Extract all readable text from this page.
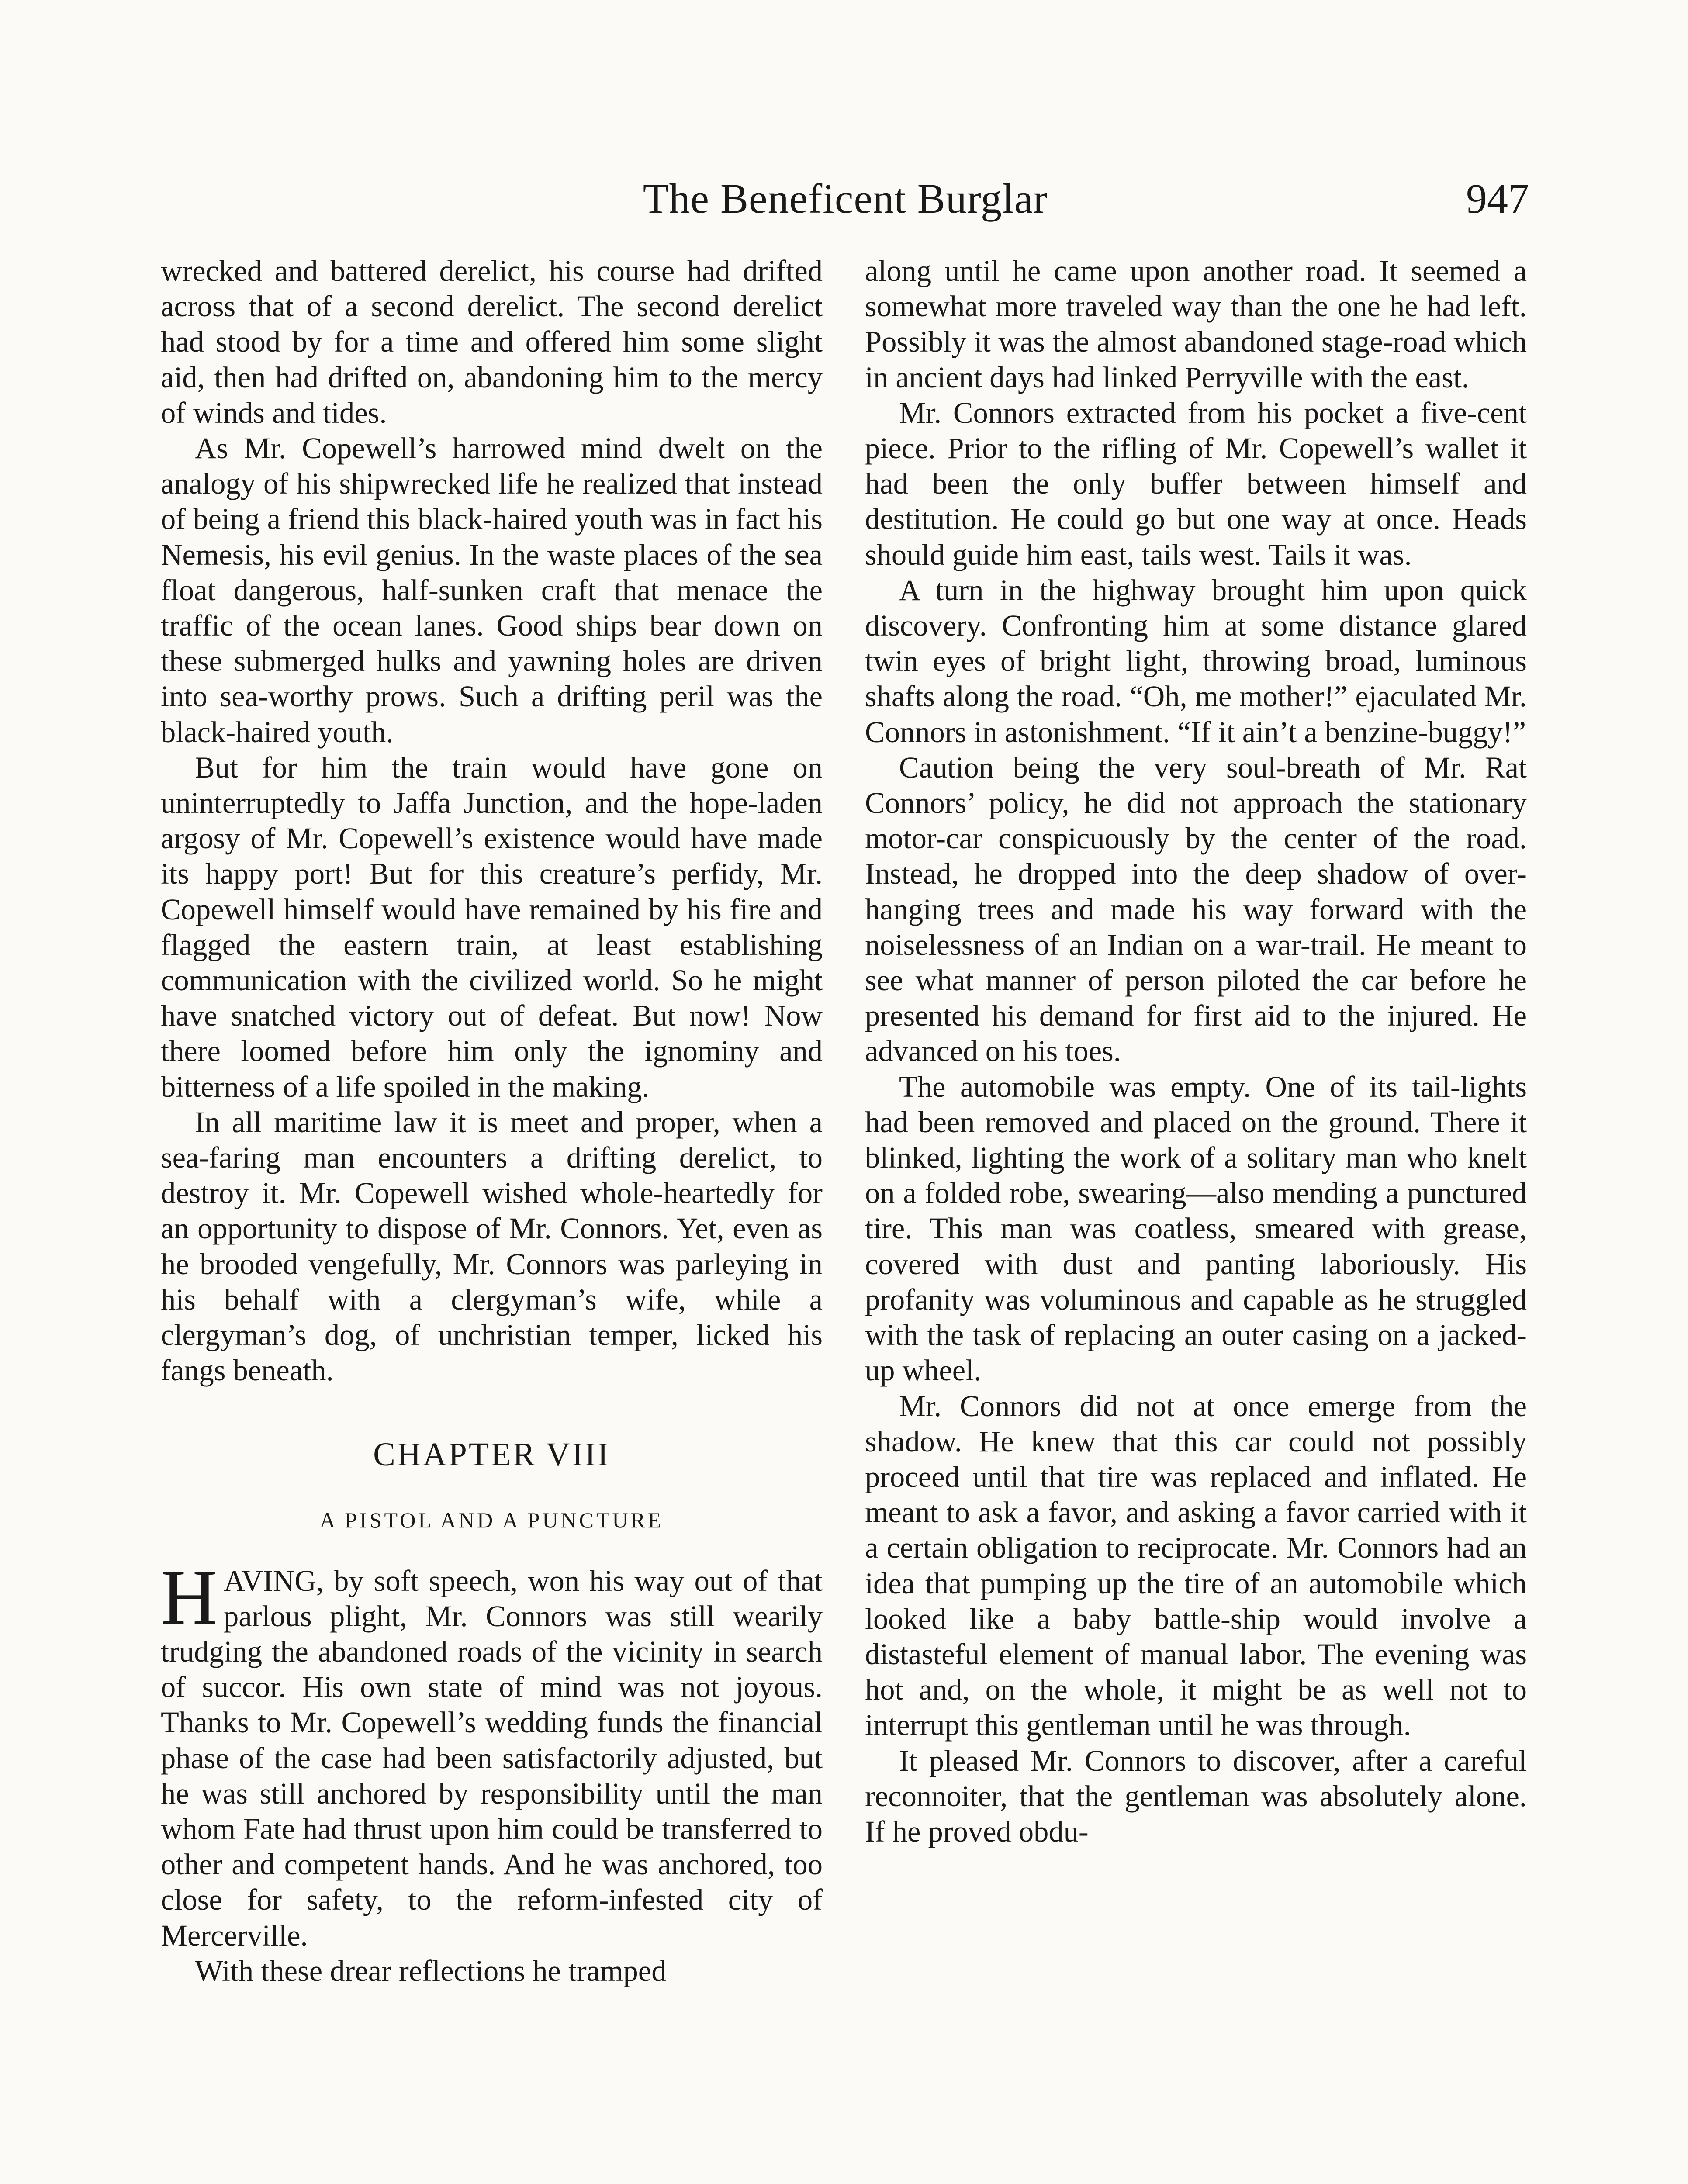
The Beneficent Burglar	947

wrecked and battered derelict, his course had drifted across that of a second derelict. The second derelict had stood by for a time and offered him some slight aid, then had drifted on, abandoning him to the mercy of winds and tides.

As Mr. Copewell’s harrowed mind dwelt on the analogy of his shipwrecked life he realized that instead of being a friend this black-haired youth was in fact his Nemesis, his evil genius. In the waste places of the sea float dangerous, half-sunken craft that menace the traffic of the ocean lanes. Good ships bear down on these submerged hulks and yawning holes are driven into sea-worthy prows. Such a drifting peril was the black-haired youth.

But for him the train would have gone on uninterruptedly to Jaffa Junction, and the hope-laden argosy of Mr. Copewell’s existence would have made its happy port! But for this creature’s perfidy, Mr. Copewell himself would have remained by his fire and flagged the eastern train, at least establishing communication with the civilized world. So he might have snatched victory out of defeat. But now! Now there loomed before him only the ignominy and bitterness of a life spoiled in the making.

In all maritime law it is meet and proper, when a sea-faring man encounters a drifting derelict, to destroy it. Mr. Copewell wished whole-heartedly for an opportunity to dispose of Mr. Connors. Yet, even as he brooded vengefully, Mr. Connors was parleying in his behalf with a clergyman’s wife, while a clergyman’s dog, of unchristian temper, licked his fangs beneath.

CHAPTER VIII
A PISTOL AND A PUNCTURE

HAVING, by soft speech, won his way out of that parlous plight, Mr. Connors was still wearily trudging the abandoned roads of the vicinity in search of succor. His own state of mind was not joyous. Thanks to Mr. Copewell’s wedding funds the financial phase of the case had been satisfactorily adjusted, but he was still anchored by responsibility until the man whom Fate had thrust upon him could be transferred to other and competent hands. And he was anchored, too close for safety, to the reform-infested city of Mercerville.

With these drear reflections he tramped

along until he came upon another road. It seemed a somewhat more traveled way than the one he had left. Possibly it was the almost abandoned stage-road which in ancient days had linked Perryville with the east.

Mr. Connors extracted from his pocket a five-cent piece. Prior to the rifling of Mr. Copewell’s wallet it had been the only buffer between himself and destitution. He could go but one way at once. Heads should guide him east, tails west. Tails it was.

A turn in the highway brought him upon quick discovery. Confronting him at some distance glared twin eyes of bright light, throwing broad, luminous shafts along the road. “Oh, me mother!” ejaculated Mr. Connors in astonishment. “If it ain’t a benzine-buggy!”

Caution being the very soul-breath of Mr. Rat Connors’ policy, he did not approach the stationary motor-car conspicuously by the center of the road. Instead, he dropped into the deep shadow of over-hanging trees and made his way forward with the noiselessness of an Indian on a war-trail. He meant to see what manner of person piloted the car before he presented his demand for first aid to the injured. He advanced on his toes.

The automobile was empty. One of its tail-lights had been removed and placed on the ground. There it blinked, lighting the work of a solitary man who knelt on a folded robe, swearing—also mending a punctured tire. This man was coatless, smeared with grease, covered with dust and panting laboriously. His profanity was voluminous and capable as he struggled with the task of replacing an outer casing on a jacked-up wheel.

Mr. Connors did not at once emerge from the shadow. He knew that this car could not possibly proceed until that tire was replaced and inflated. He meant to ask a favor, and asking a favor carried with it a certain obligation to reciprocate. Mr. Connors had an idea that pumping up the tire of an automobile which looked like a baby battle-ship would involve a distasteful element of manual labor. The evening was hot and, on the whole, it might be as well not to interrupt this gentleman until he was through.

It pleased Mr. Connors to discover, after a careful reconnoiter, that the gentleman was absolutely alone. If he proved obdu-
